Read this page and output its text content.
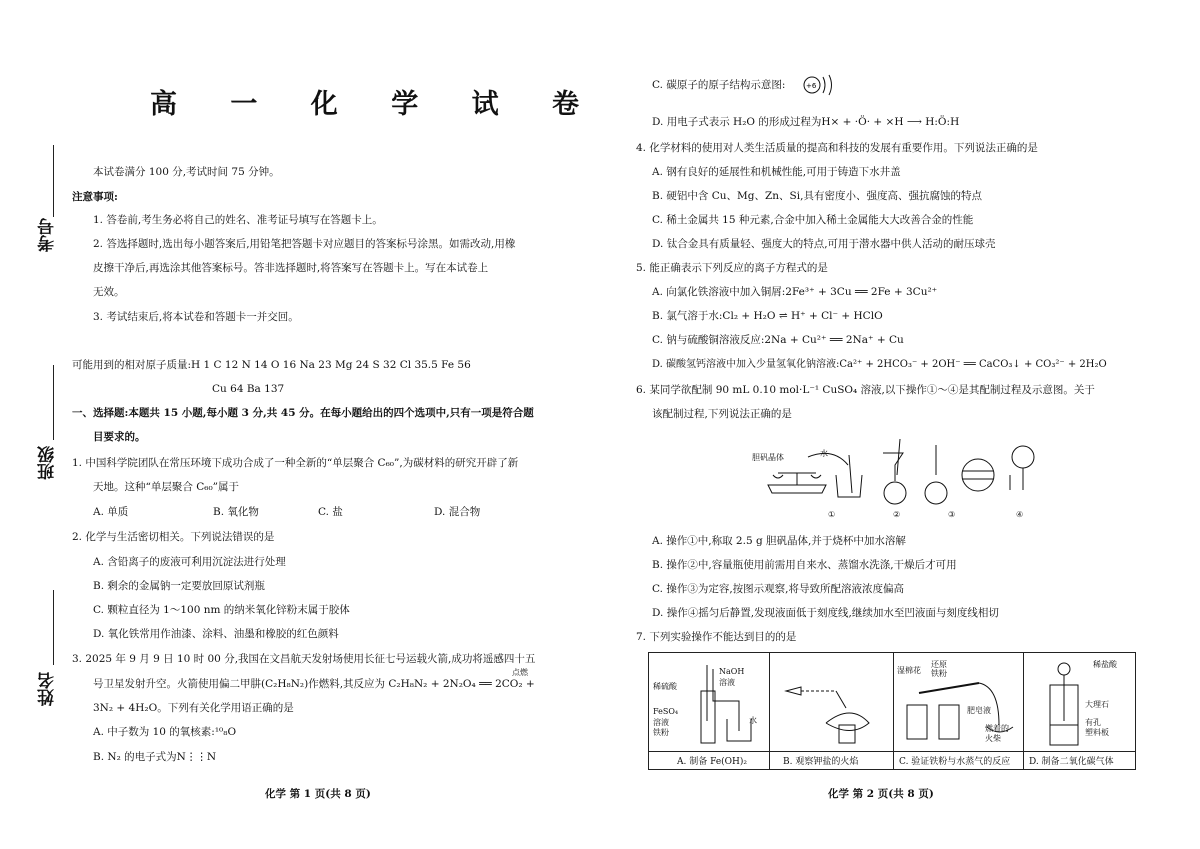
考号
班级
姓名
高 一 化 学 试 卷
本试卷满分 100 分,考试时间 75 分钟。
注意事项:
1. 答卷前,考生务必将自己的姓名、准考证号填写在答题卡上。
2. 答选择题时,选出每小题答案后,用铅笔把答题卡对应题目的答案标号涂黑。如需改动,用橡
皮擦干净后,再选涂其他答案标号。答非选择题时,将答案写在答题卡上。写在本试卷上
无效。
3. 考试结束后,将本试卷和答题卡一并交回。
可能用到的相对原子质量:H 1 C 12 N 14 O 16 Na 23 Mg 24 S 32 Cl 35.5 Fe 56
Cu 64 Ba 137
一、选择题:本题共 15 小题,每小题 3 分,共 45 分。在每小题给出的四个选项中,只有一项是符合题
目要求的。
1. 中国科学院团队在常压环境下成功合成了一种全新的“单层聚合 C₆₀”,为碳材料的研究开辟了新
天地。这种“单层聚合 C₆₀”属于
A. 单质	B. 氧化物	C. 盐	D. 混合物
2. 化学与生活密切相关。下列说法错误的是
A. 含铅离子的废液可利用沉淀法进行处理
B. 剩余的金属钠一定要放回原试剂瓶
C. 颗粒直径为 1～100 nm 的纳米氧化锌粉末属于胶体
D. 氧化铁常用作油漆、涂料、油墨和橡胶的红色颜料
3. 2025 年 9 月 9 日 10 时 00 分,我国在文昌航天发射场使用长征七号运载火箭,成功将遥感四十五
点燃
号卫星发射升空。火箭使用偏二甲肼(C₂H₈N₂)作燃料,其反应为 C₂H₈N₂ + 2N₂O₄ ══ 2CO₂ +
3N₂ + 4H₂O。下列有关化学用语正确的是
A. 中子数为 10 的氧核素:¹⁰₈O
B. N₂ 的电子式为N⋮⋮N
化学 第 1 页(共 8 页)
C. 碳原子的原子结构示意图:	+6
D. 用电子式表示 H₂O 的形成过程为H× + ·Ö· + ×H ⟶ H:Ö:H
4. 化学材料的使用对人类生活质量的提高和科技的发展有重要作用。下列说法正确的是
A. 钢有良好的延展性和机械性能,可用于铸造下水井盖
B. 硬铝中含 Cu、Mg、Zn、Si,具有密度小、强度高、强抗腐蚀的特点
C. 稀土金属共 15 种元素,合金中加入稀土金属能大大改善合金的性能
D. 钛合金具有质量轻、强度大的特点,可用于潜水器中供人活动的耐压球壳
5. 能正确表示下列反应的离子方程式的是
A. 向氯化铁溶液中加入铜屑:2Fe³⁺ + 3Cu ══ 2Fe + 3Cu²⁺
B. 氯气溶于水:Cl₂ + H₂O ⇌ H⁺ + Cl⁻ + HClO
C. 钠与硫酸铜溶液反应:2Na + Cu²⁺ ══ 2Na⁺ + Cu
D. 碳酸氢钙溶液中加入少量氢氧化钠溶液:Ca²⁺ + 2HCO₃⁻ + 2OH⁻ ══ CaCO₃↓ + CO₃²⁻ + 2H₂O
6. 某同学欲配制 90 mL 0.10 mol·L⁻¹ CuSO₄ 溶液,以下操作①～④是其配制过程及示意图。关于
该配制过程,下列说法正确的是
胆矾晶体	水
①	②	③	④
A. 操作①中,称取 2.5 g 胆矾晶体,并于烧杯中加水溶解
B. 操作②中,容量瓶使用前需用自来水、蒸馏水洗涤,干燥后才可用
C. 操作③为定容,按图示观察,将导致所配溶液浓度偏高
D. 操作④摇匀后静置,发现液面低于刻度线,继续加水至凹液面与刻度线相切
7. 下列实验操作不能达到目的的是
稀硫酸
NaOH
溶液
FeSO₄
溶液
铁粉
水
A. 制备 Fe(OH)₂	B. 观察钾盐的火焰
湿棉花
还原
铁粉
肥皂液
燃着的
火柴
C. 验证铁粉与水蒸气的反应
稀盐酸
大理石
有孔
塑料板
D. 制备二氧化碳气体
化学 第 2 页(共 8 页)
